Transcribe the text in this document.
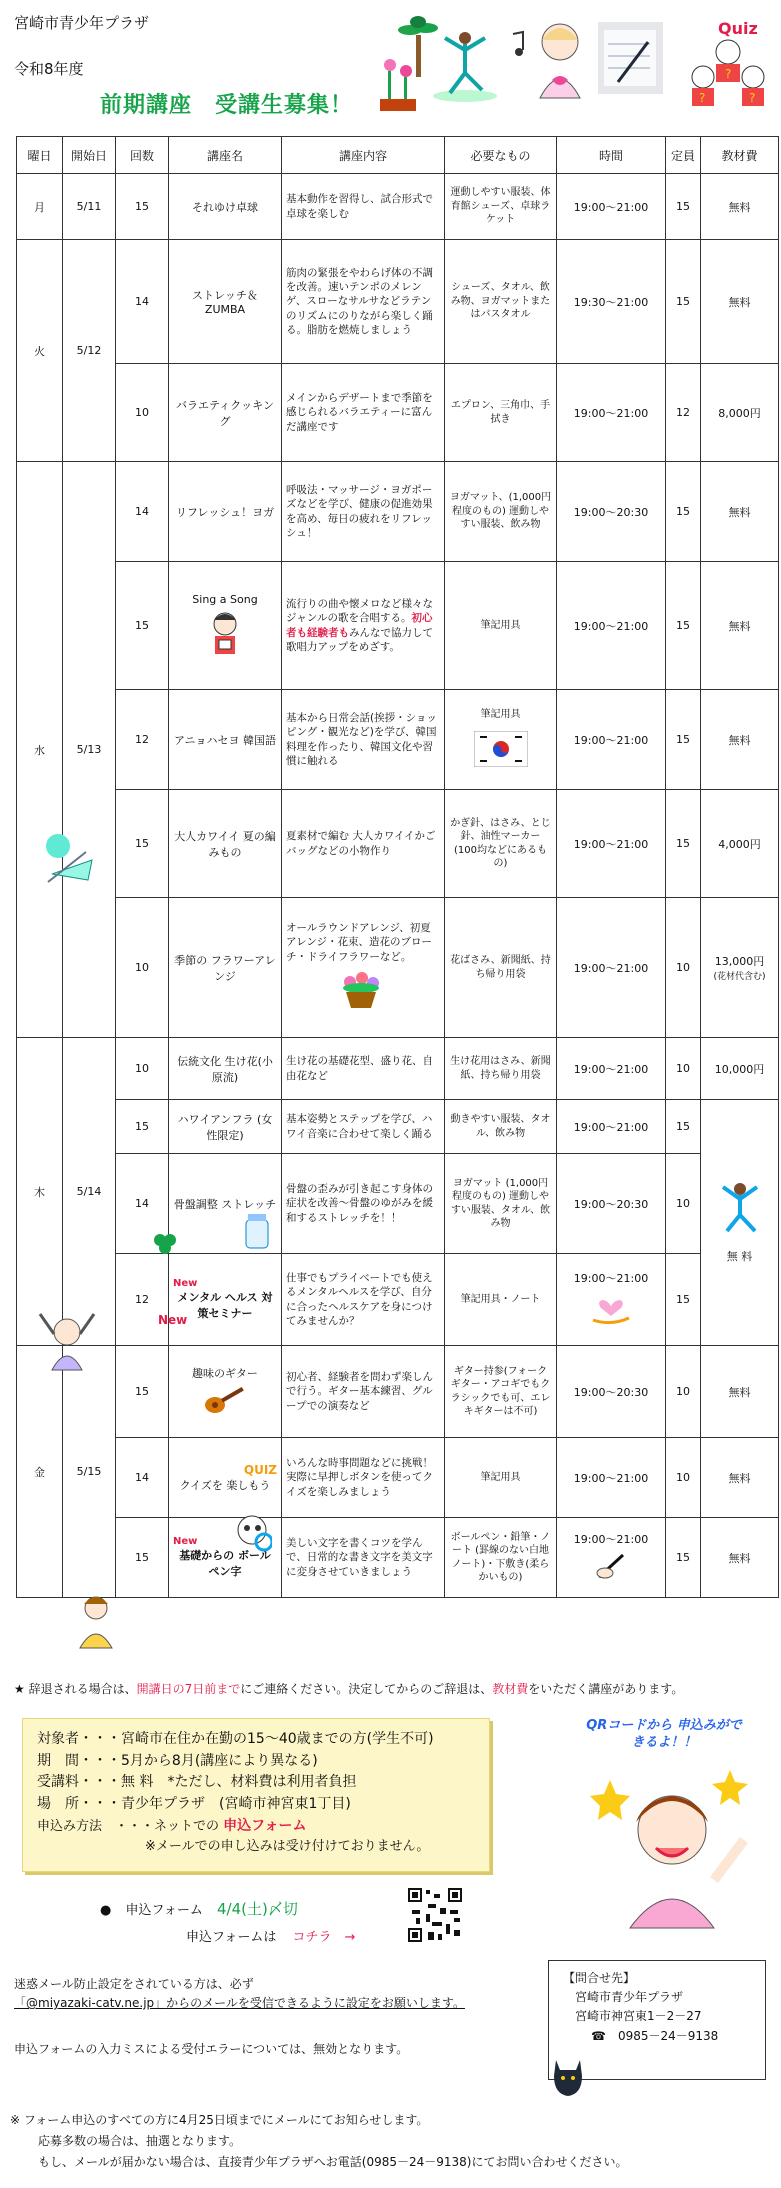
宮崎市青少年プラザ
令和8年度
前期講座　受講生募集！
Quiz
?
?	?
曜日	開始日	回数	講座名	講座内容	必要なもの	時間	定員	教材費
月	5/11	15	それゆけ卓球	基本動作を習得し、試合形式で卓球を楽しむ	運動しやすい服装、体育館シューズ、卓球ラケット	19:00～21:00	15	無料
火	5/12	14	ストレッチ＆ZUMBA	筋肉の緊張をやわらげ体の不調を改善。速いテンポのメレンゲ、スローなサルサなどラテンのリズムにのりながら楽しく踊る。脂肪を燃焼しましょう	シューズ、タオル、飲み物、ヨガマットまたはバスタオル	19:30～21:00	15	無料
		10	バラエティクッキング	メインからデザートまで季節を感じられるバラエティーに富んだ講座です	エプロン、三角巾、手拭き	19:00～21:00	12	8,000円
水	5/13	14	リフレッシュ！ヨガ	呼吸法・マッサージ・ヨガポーズなどを学び、健康の促進効果を高め、毎日の疲れをリフレッシュ！	ヨガマット、(1,000円程度のもの) 運動しやすい服装、飲み物	19:00～20:30	15	無料
		15	Sing a Song	流行りの曲や懐メロなど様々なジャンルの歌を合唱する。初心者も経験者もみんなで協力して歌唱力アップをめざす。	筆記用具	19:00～21:00	15	無料
		12	アニョハセヨ 韓国語	基本から日常会話(挨拶・ショッピング・観光など)を学び、韓国料理を作ったり、韓国文化や習慣に触れる	筆記用具	19:00～21:00	15	無料
		15	大人カワイイ 夏の編みもの	夏素材で編む 大人カワイイかごバッグなどの小物作り	かぎ針、はさみ、とじ針、油性マーカー (100均などにあるもの)	19:00～21:00	15	4,000円
		10	季節の フラワーアレンジ	オールラウンドアレンジ、初夏アレンジ・花束、造花のブローチ・ドライフラワーなど。	花ばさみ、新聞紙、持ち帰り用袋	19:00～21:00	10	13,000円
(花材代含む)

木	5/14	10	伝統文化 生け花(小原流)	生け花の基礎花型、盛り花、自由花など	生け花用はさみ、新聞紙、持ち帰り用袋	19:00～21:00	10	10,000円
		15	ハワイアンフラ (女性限定)	基本姿勢とステップを学び、ハワイ音楽に合わせて楽しく踊る	動きやすい服装、タオル、飲み物	19:00～21:00	15	無 料

		14	骨盤調整 ストレッチ	骨盤の歪みが引き起こす身体の症状を改善～骨盤のゆがみを緩和するストレッチを！！	ヨガマット (1,000円程度のもの) 運動しやすい服装、タオル、飲み物	19:00～20:30	10	
		12	New
メンタル ヘルス 対策セミナー	仕事でもプライベートでも使えるメンタルヘルスを学び、自分に合ったヘルスケアを身につけてみませんか？	筆記用具・ノート	19:00～21:00	15	
金	5/15	15	趣味のギター	初心者、経験者を問わず楽しんで行う。ギター基本練習、グループでの演奏など	ギター持参(フォークギター・アコギでもクラシックでも可、エレキギターは不可)	19:00～20:30	10	無料
		14	QUIZ
クイズを 楽しもう	いろんな時事問題などに挑戦！実際に早押しボタンを使ってクイズを楽しみましょう	筆記用具	19:00～21:00	10	無料
		15	New
基礎からの ボール ペン字	美しい文字を書くコツを学んで、日常的な書き文字を美文字に変身させていきましょう	ボールペン・鉛筆・ノート (罫線のない白地ノート)・下敷き(柔らかいもの)	19:00～21:00	15	無料
New
★ 辞退される場合は、開講日の7日前までにご連絡ください。決定してからのご辞退は、教材費をいただく講座があります。
対象者・・・宮崎市在住か在勤の15～40歳までの方(学生不可)
期　間・・・5月から8月(講座により異なる)
受講料・・・無 料　*ただし、材料費は利用者負担
場　所・・・青少年プラザ　(宮崎市神宮東1丁目)
申込み方法　・・・ネットでの 申込フォーム
※メールでの申し込みは受け付けておりません。
QRコードから 申込みができるよ！！
● 申込フォーム 4/4(土)〆切
申込フォームは コチラ　→
迷惑メール防止設定をされている方は、必ず
「@miyazaki-catv.ne.jp」からのメールを受信できるように設定をお願いします。
申込フォームの入力ミスによる受付エラーについては、無効となります。
【問合せ先】
宮崎市青少年プラザ
宮崎市神宮東1－2－27
☎　0985－24－9138
※ フォーム申込のすべての方に4月25日頃までにメールにてお知らせします。
応募多数の場合は、抽選となります。
もし、メールが届かない場合は、直接青少年プラザへお電話(0985－24－9138)にてお問い合わせください。
